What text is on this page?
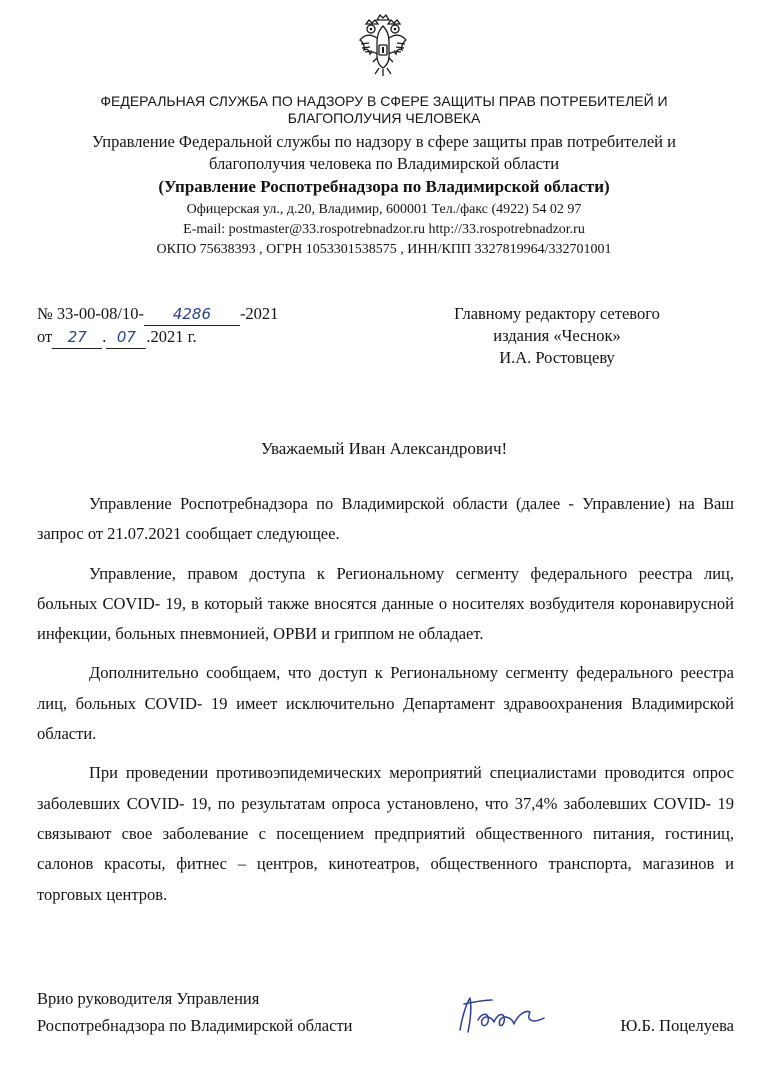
ФЕДЕРАЛЬНАЯ СЛУЖБА ПО НАДЗОРУ В СФЕРЕ ЗАЩИТЫ ПРАВ ПОТРЕБИТЕЛЕЙ И
БЛАГОПОЛУЧИЯ ЧЕЛОВЕКА
Управление Федеральной службы по надзору в сфере защиты прав потребителей и
благополучия человека по Владимирской области
(Управление Роспотребнадзора по Владимирской области)
Офицерская ул., д.20, Владимир, 600001 Тел./факс (4922) 54 02 97
E-mail: postmaster@33.rospotrebnadzor.ru http://33.rospotrebnadzor.ru
ОКПО 75638393 , ОГРН 1053301538575 , ИНН/КПП 3327819964/332701001
№ 33-00-08/10- 4286 -2021
от 27 . 07 .2021 г.
Главному редактору сетевого
издания «Чеснок»
И.А. Ростовцеву
Уважаемый Иван Александрович!

Управление Роспотребнадзора по Владимирской области (далее - Управление) на Ваш запрос от 21.07.2021 сообщает следующее.

Управление, правом доступа к Региональному сегменту федерального реестра лиц, больных COVID- 19, в который также вносятся данные о носителях возбудителя коронавирусной инфекции, больных пневмонией, ОРВИ и гриппом не обладает.

Дополнительно сообщаем, что доступ к Региональному сегменту федерального реестра лиц, больных COVID- 19 имеет исключительно Департамент здравоохранения Владимирской области.

При проведении противоэпидемических мероприятий специалистами проводится опрос заболевших COVID- 19, по результатам опроса установлено, что 37,4% заболевших COVID- 19 связывают свое заболевание с посещением предприятий общественного питания, гостиниц, салонов красоты, фитнес – центров, кинотеатров, общественного транспорта, магазинов и торговых центров.

Врио руководителя Управления
Роспотребнадзора по Владимирской области	Ю.Б. Поцелуева
